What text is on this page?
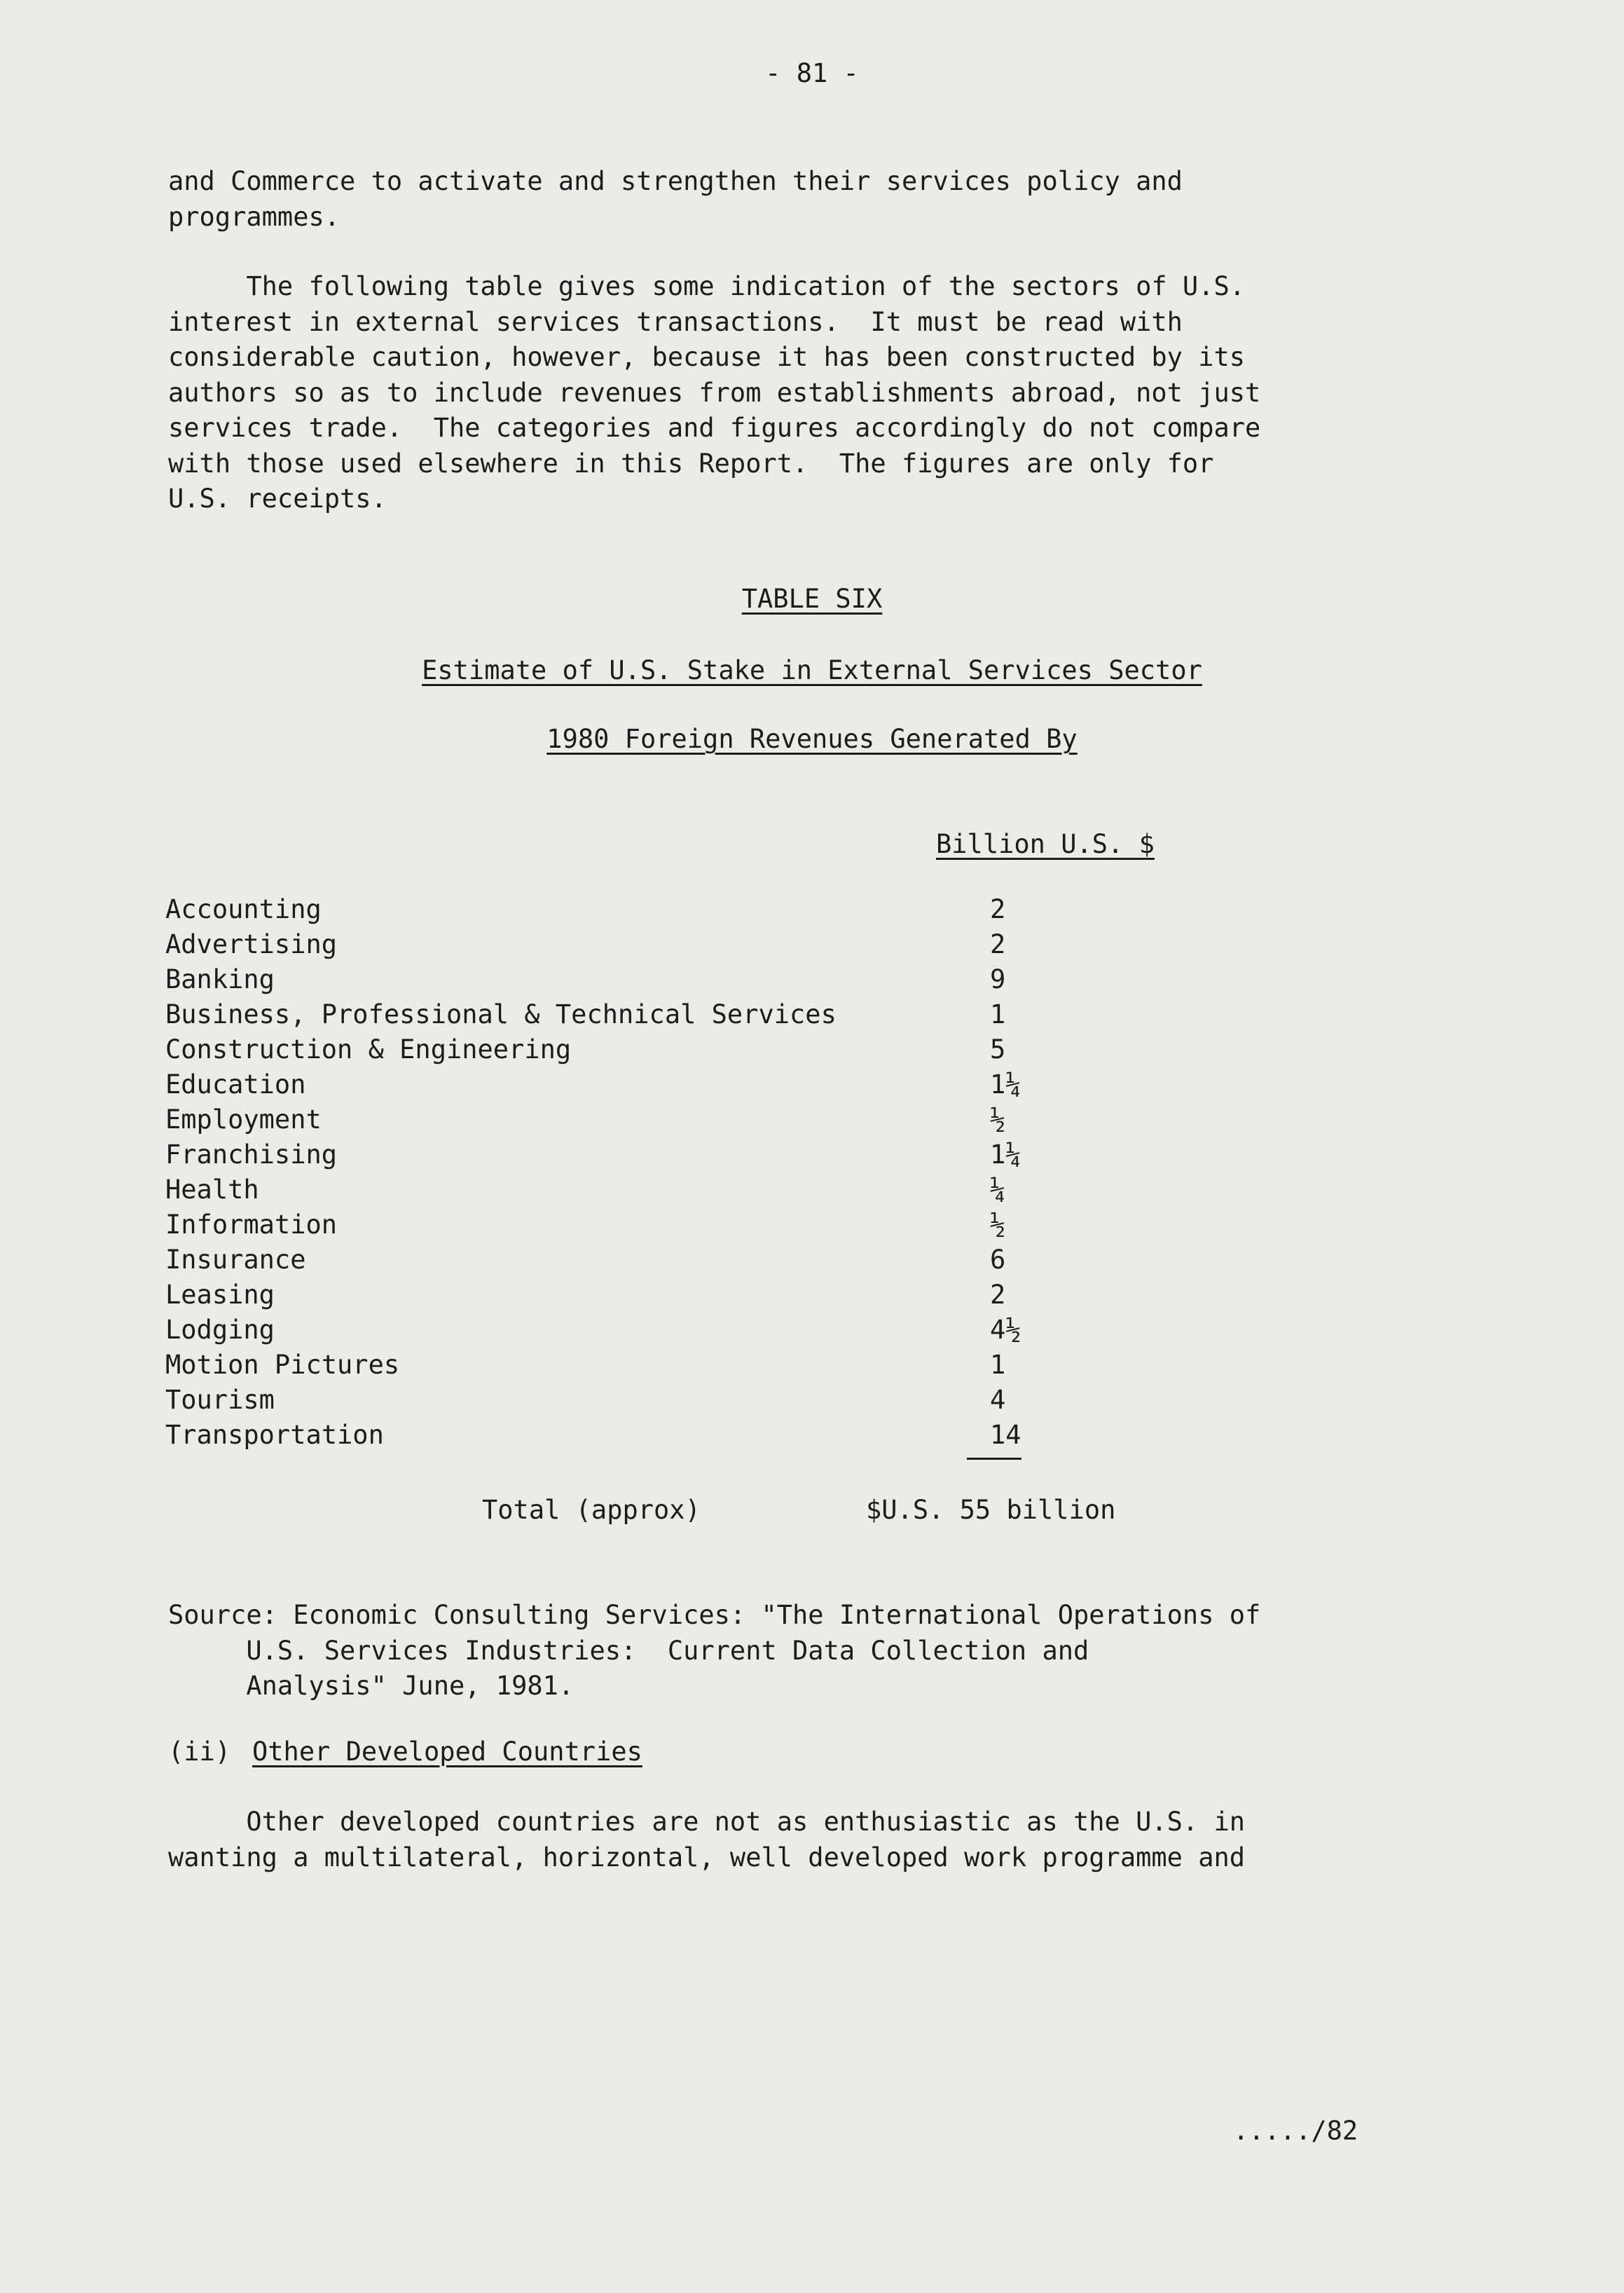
- 81 -
and Commerce to activate and strengthen their services policy and
programmes.
The following table gives some indication of the sectors of U.S.
interest in external services transactions.  It must be read with
considerable caution, however, because it has been constructed by its
authors so as to include revenues from establishments abroad, not just
services trade.  The categories and figures accordingly do not compare
with those used elsewhere in this Report.  The figures are only for
U.S. receipts.
TABLE SIX
Estimate of U.S. Stake in External Services Sector
1980 Foreign Revenues Generated By
Billion U.S. $
Accounting	2
Advertising	2
Banking	9
Business, Professional & Technical Services	1
Construction & Engineering	5
Education	1¼
Employment	½
Franchising	1¼
Health	¼
Information	½
Insurance	6
Leasing	2
Lodging	4½
Motion Pictures	1
Tourism	4
Transportation	14
Total (approx)	$U.S. 55 billion
Source: Economic Consulting Services: "The International Operations of
U.S. Services Industries:  Current Data Collection and
Analysis" June, 1981.
(ii) Other Developed Countries
Other developed countries are not as enthusiastic as the U.S. in
wanting a multilateral, horizontal, well developed work programme and
...../82
